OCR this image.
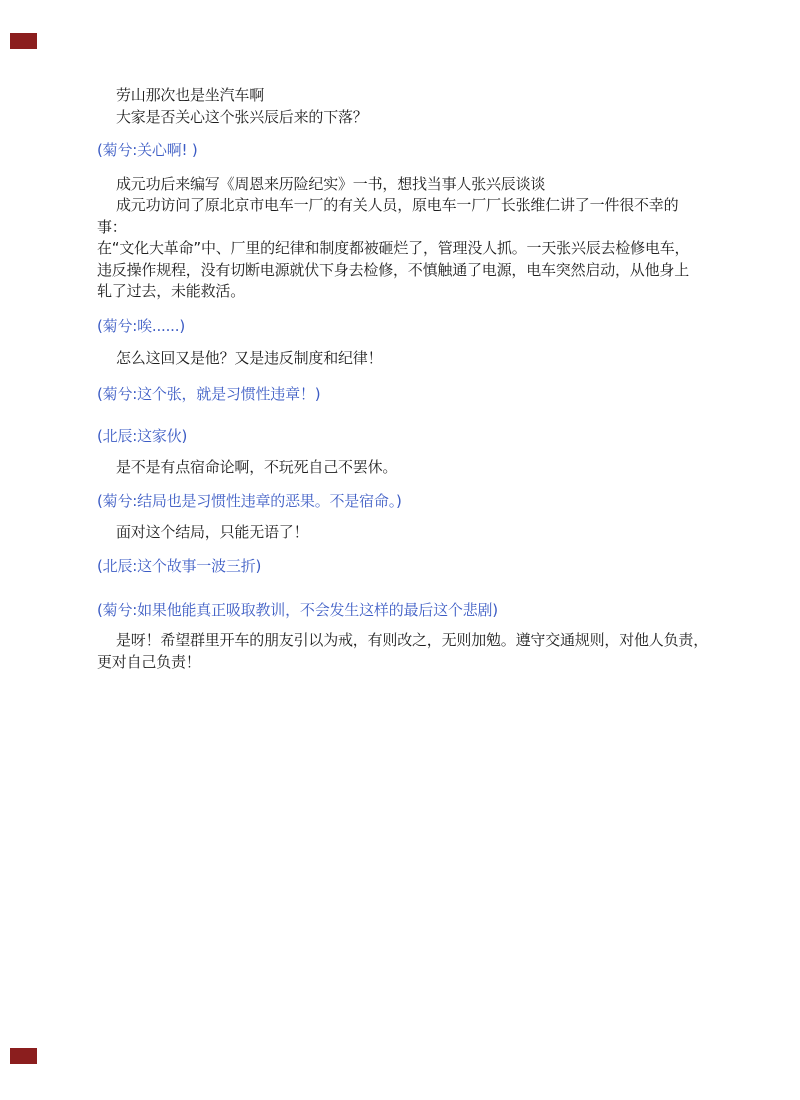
劳山那次也是坐汽车啊
大家是否关心这个张兴辰后来的下落？
(菊兮:关心啊! )
成元功后来编写《周恩来历险纪实》一书，想找当事人张兴辰谈谈
成元功访问了原北京市电车一厂的有关人员，原电车一厂厂长张维仁讲了一件很不幸的
事：
在“文化大革命”中、厂里的纪律和制度都被砸烂了，管理没人抓。一天张兴辰去检修电车，
违反操作规程，没有切断电源就伏下身去检修，不慎触通了电源，电车突然启动，从他身上
轧了过去，未能救活。
(菊兮:唉......)
怎么这回又是他？又是违反制度和纪律！
(菊兮:这个张，就是习惯性违章！)
(北辰:这家伙)
是不是有点宿命论啊，不玩死自己不罢休。
(菊兮:结局也是习惯性违章的恶果。不是宿命。)
面对这个结局，只能无语了！
(北辰:这个故事一波三折)
(菊兮:如果他能真正吸取教训，不会发生这样的最后这个悲剧)
是呀！希望群里开车的朋友引以为戒，有则改之，无则加勉。遵守交通规则，对他人负责，
更对自己负责！
